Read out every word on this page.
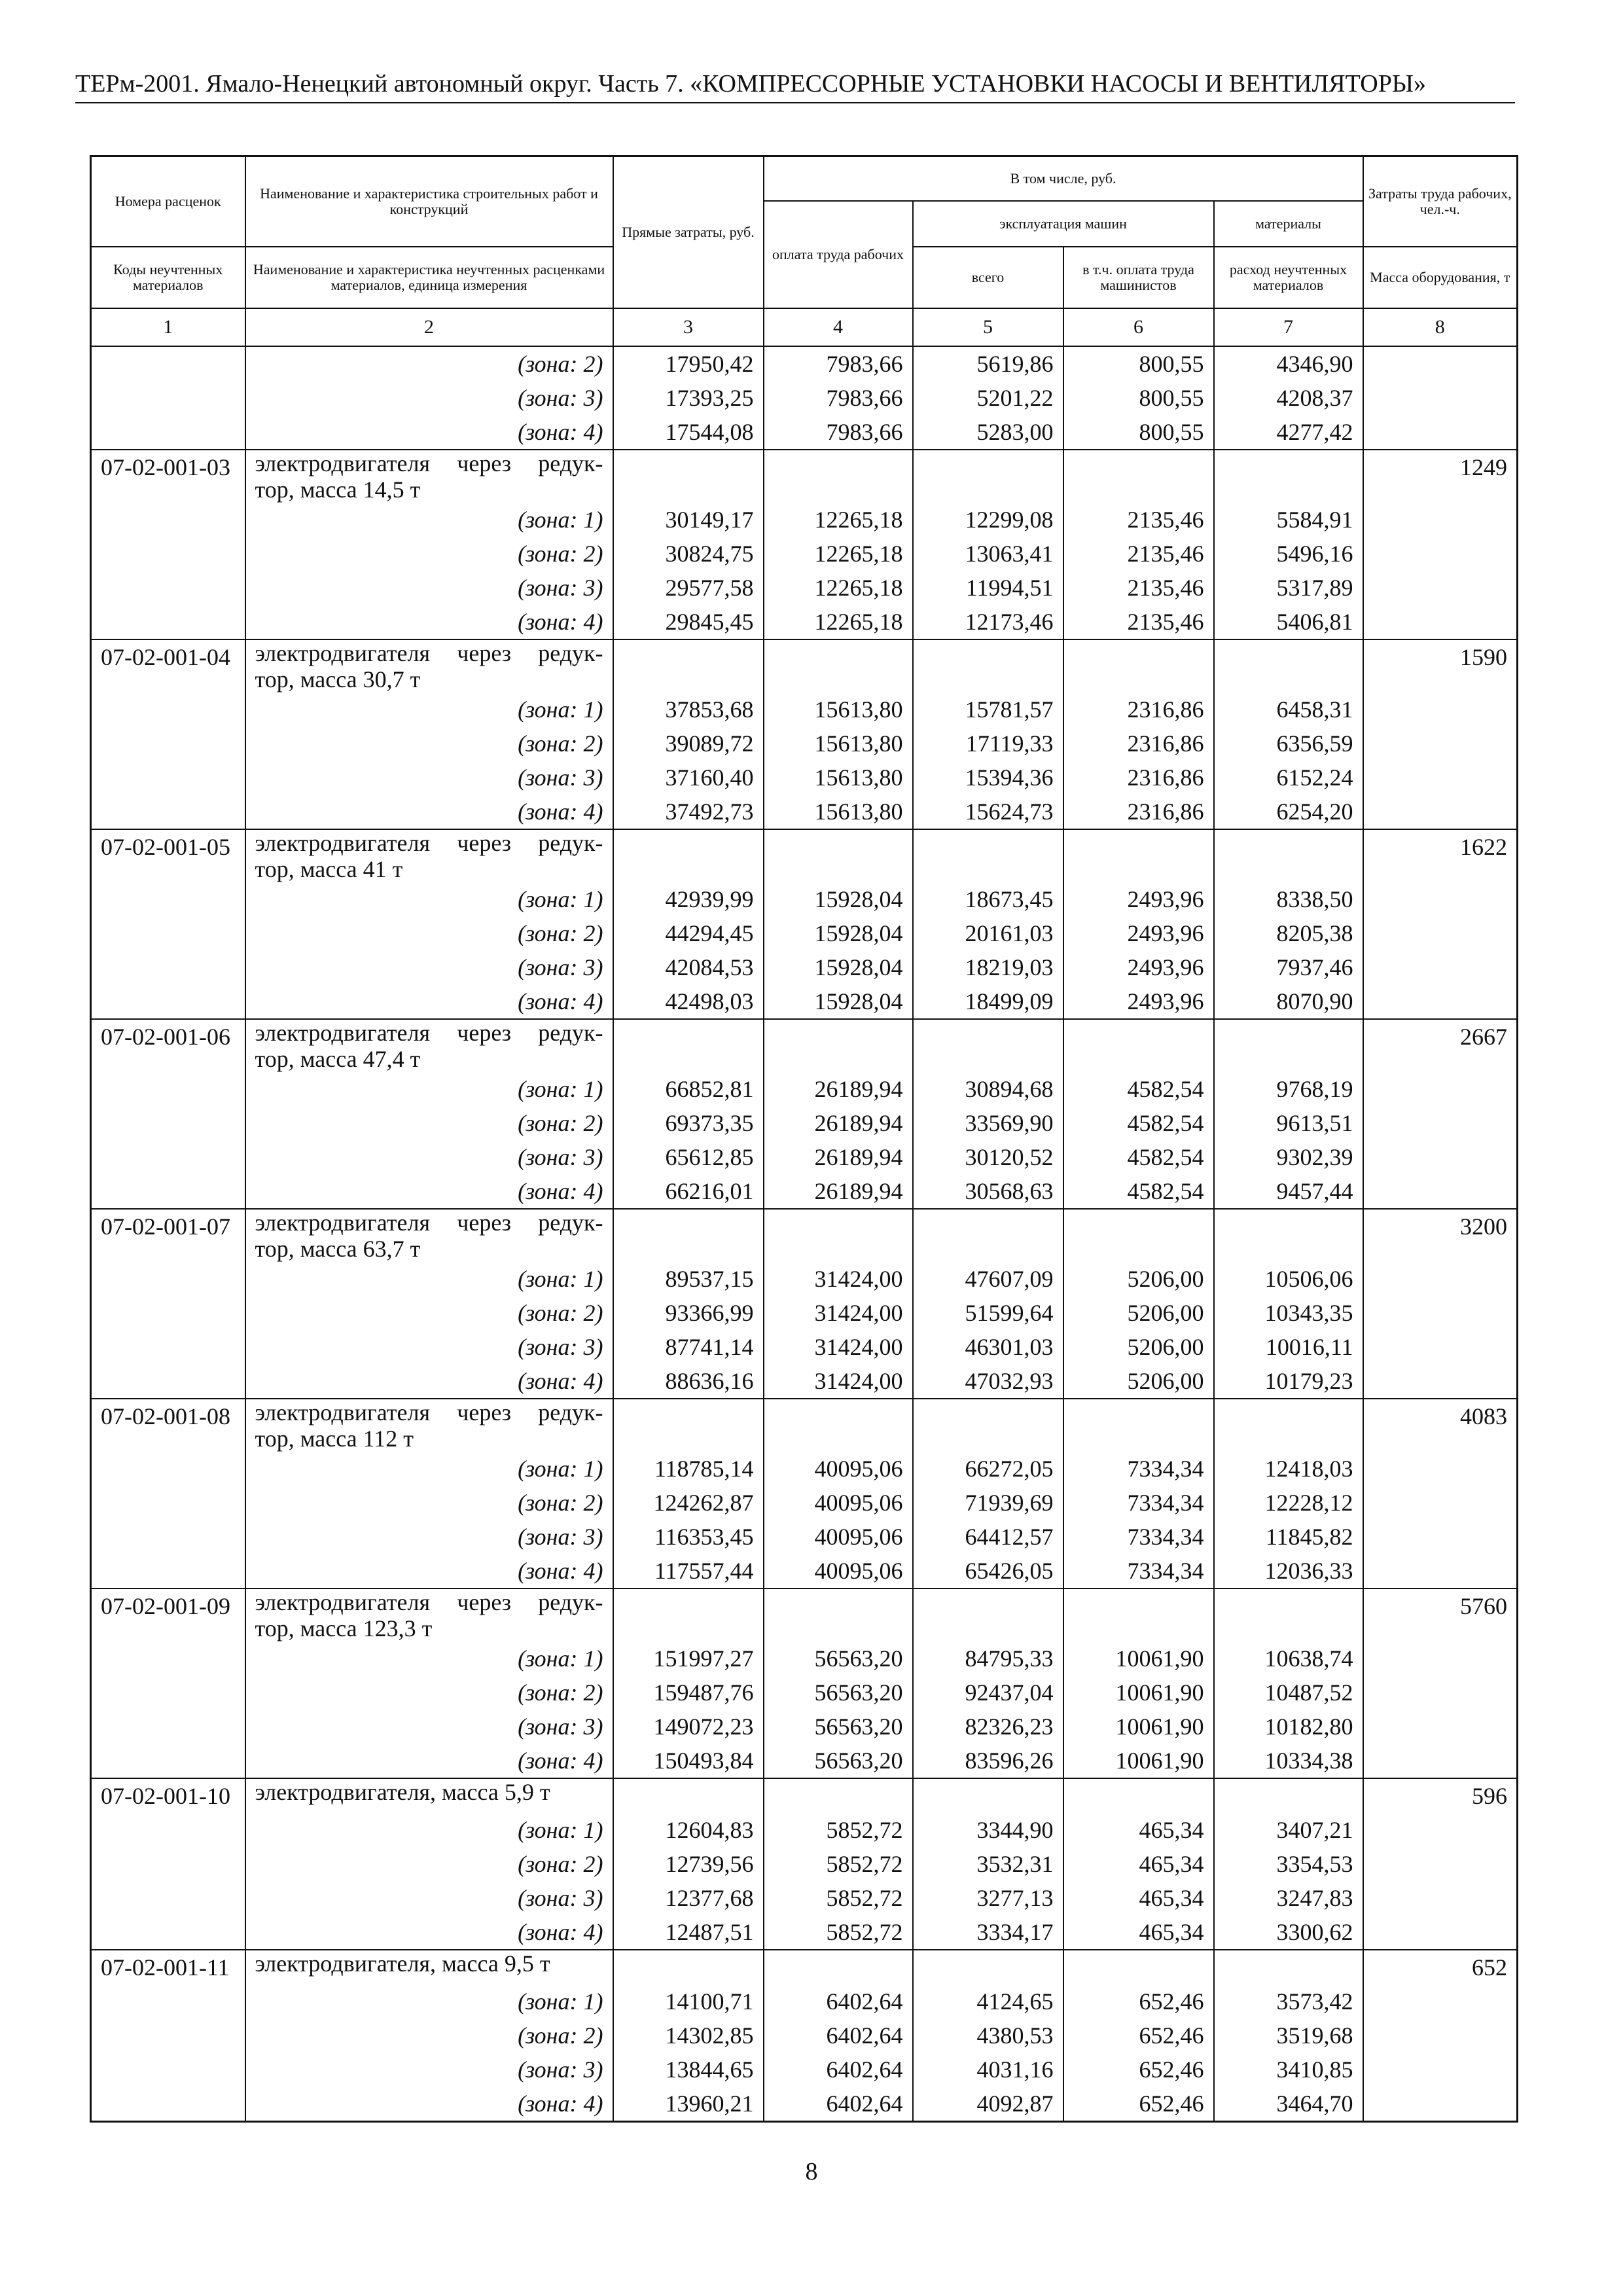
ТЕРм-2001. Ямало-Ненецкий автономный округ. Часть 7. «КОМПРЕССОРНЫЕ УСТАНОВКИ НАСОСЫ И ВЕНТИЛЯТОРЫ»
Номера расценок	Наименование и характеристика строительных работ и конструкций	Прямые затраты, руб.	В том числе, руб.				Затраты труда рабочих, чел.-ч.
			оплата труда рабочих	эксплуатация машин		материалы	
Коды неучтенных материалов	Наименование и характеристика неучтенных расценками материалов, единица измерения			всего	в т.ч. оплата труда машинистов	расход неучтенных материалов	Масса оборудования, т
1	2	3	4	5	6	7	8
	(зона: 2)	17950,42	7983,66	5619,86	800,55	4346,90	
	(зона: 3)	17393,25	7983,66	5201,22	800,55	4208,37	
	(зона: 4)	17544,08	7983,66	5283,00	800,55	4277,42	
07-02-001-03	электродвигателя через редук-
тор, масса 14,5 т						1249
	(зона: 1)	30149,17	12265,18	12299,08	2135,46	5584,91	
	(зона: 2)	30824,75	12265,18	13063,41	2135,46	5496,16	
	(зона: 3)	29577,58	12265,18	11994,51	2135,46	5317,89	
	(зона: 4)	29845,45	12265,18	12173,46	2135,46	5406,81	
07-02-001-04	электродвигателя через редук-
тор, масса 30,7 т						1590
	(зона: 1)	37853,68	15613,80	15781,57	2316,86	6458,31	
	(зона: 2)	39089,72	15613,80	17119,33	2316,86	6356,59	
	(зона: 3)	37160,40	15613,80	15394,36	2316,86	6152,24	
	(зона: 4)	37492,73	15613,80	15624,73	2316,86	6254,20	
07-02-001-05	электродвигателя через редук-
тор, масса 41 т						1622
	(зона: 1)	42939,99	15928,04	18673,45	2493,96	8338,50	
	(зона: 2)	44294,45	15928,04	20161,03	2493,96	8205,38	
	(зона: 3)	42084,53	15928,04	18219,03	2493,96	7937,46	
	(зона: 4)	42498,03	15928,04	18499,09	2493,96	8070,90	
07-02-001-06	электродвигателя через редук-
тор, масса 47,4 т						2667
	(зона: 1)	66852,81	26189,94	30894,68	4582,54	9768,19	
	(зона: 2)	69373,35	26189,94	33569,90	4582,54	9613,51	
	(зона: 3)	65612,85	26189,94	30120,52	4582,54	9302,39	
	(зона: 4)	66216,01	26189,94	30568,63	4582,54	9457,44	
07-02-001-07	электродвигателя через редук-
тор, масса 63,7 т						3200
	(зона: 1)	89537,15	31424,00	47607,09	5206,00	10506,06	
	(зона: 2)	93366,99	31424,00	51599,64	5206,00	10343,35	
	(зона: 3)	87741,14	31424,00	46301,03	5206,00	10016,11	
	(зона: 4)	88636,16	31424,00	47032,93	5206,00	10179,23	
07-02-001-08	электродвигателя через редук-
тор, масса 112 т						4083
	(зона: 1)	118785,14	40095,06	66272,05	7334,34	12418,03	
	(зона: 2)	124262,87	40095,06	71939,69	7334,34	12228,12	
	(зона: 3)	116353,45	40095,06	64412,57	7334,34	11845,82	
	(зона: 4)	117557,44	40095,06	65426,05	7334,34	12036,33	
07-02-001-09	электродвигателя через редук-
тор, масса 123,3 т						5760
	(зона: 1)	151997,27	56563,20	84795,33	10061,90	10638,74	
	(зона: 2)	159487,76	56563,20	92437,04	10061,90	10487,52	
	(зона: 3)	149072,23	56563,20	82326,23	10061,90	10182,80	
	(зона: 4)	150493,84	56563,20	83596,26	10061,90	10334,38	
07-02-001-10	электродвигателя, масса 5,9 т						596
	(зона: 1)	12604,83	5852,72	3344,90	465,34	3407,21	
	(зона: 2)	12739,56	5852,72	3532,31	465,34	3354,53	
	(зона: 3)	12377,68	5852,72	3277,13	465,34	3247,83	
	(зона: 4)	12487,51	5852,72	3334,17	465,34	3300,62	
07-02-001-11	электродвигателя, масса 9,5 т						652
	(зона: 1)	14100,71	6402,64	4124,65	652,46	3573,42	
	(зона: 2)	14302,85	6402,64	4380,53	652,46	3519,68	
	(зона: 3)	13844,65	6402,64	4031,16	652,46	3410,85	
	(зона: 4)	13960,21	6402,64	4092,87	652,46	3464,70	
8
